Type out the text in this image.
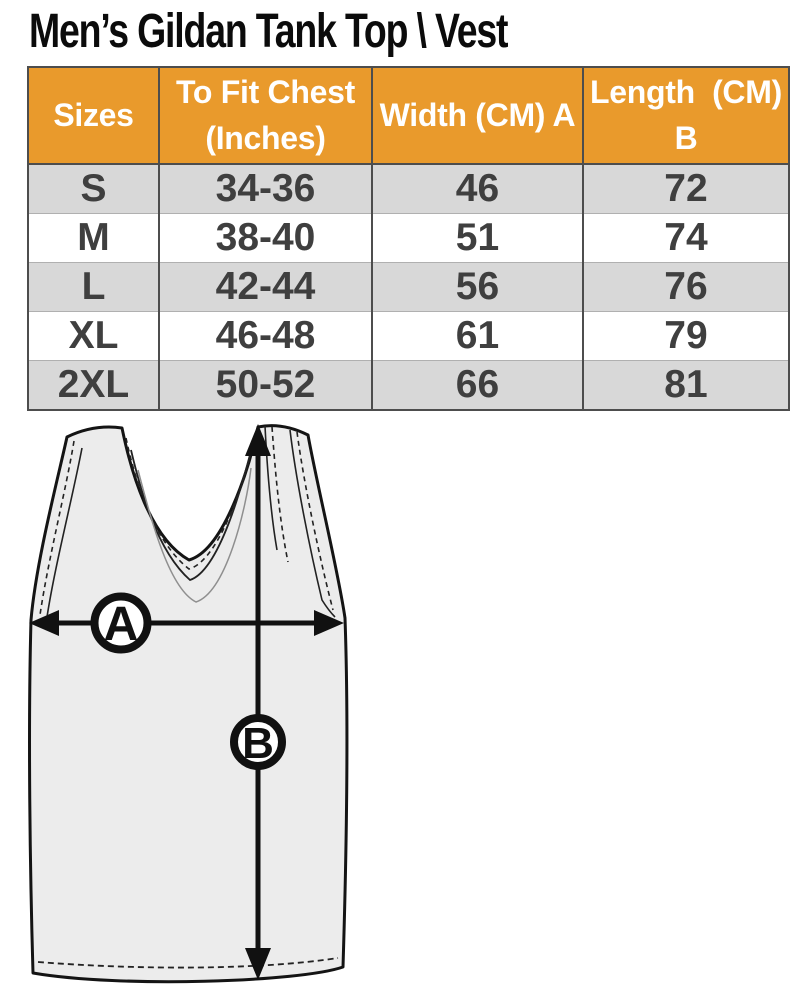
Men’s Gildan Tank Top \ Vest
Sizes	To Fit Chest (Inches)	Width (CM) A	Length  (CM) B
S	34-36	46	72
M	38-40	51	74
L	42-44	56	76
XL	46-48	61	79
2XL	50-52	66	81
A
B
